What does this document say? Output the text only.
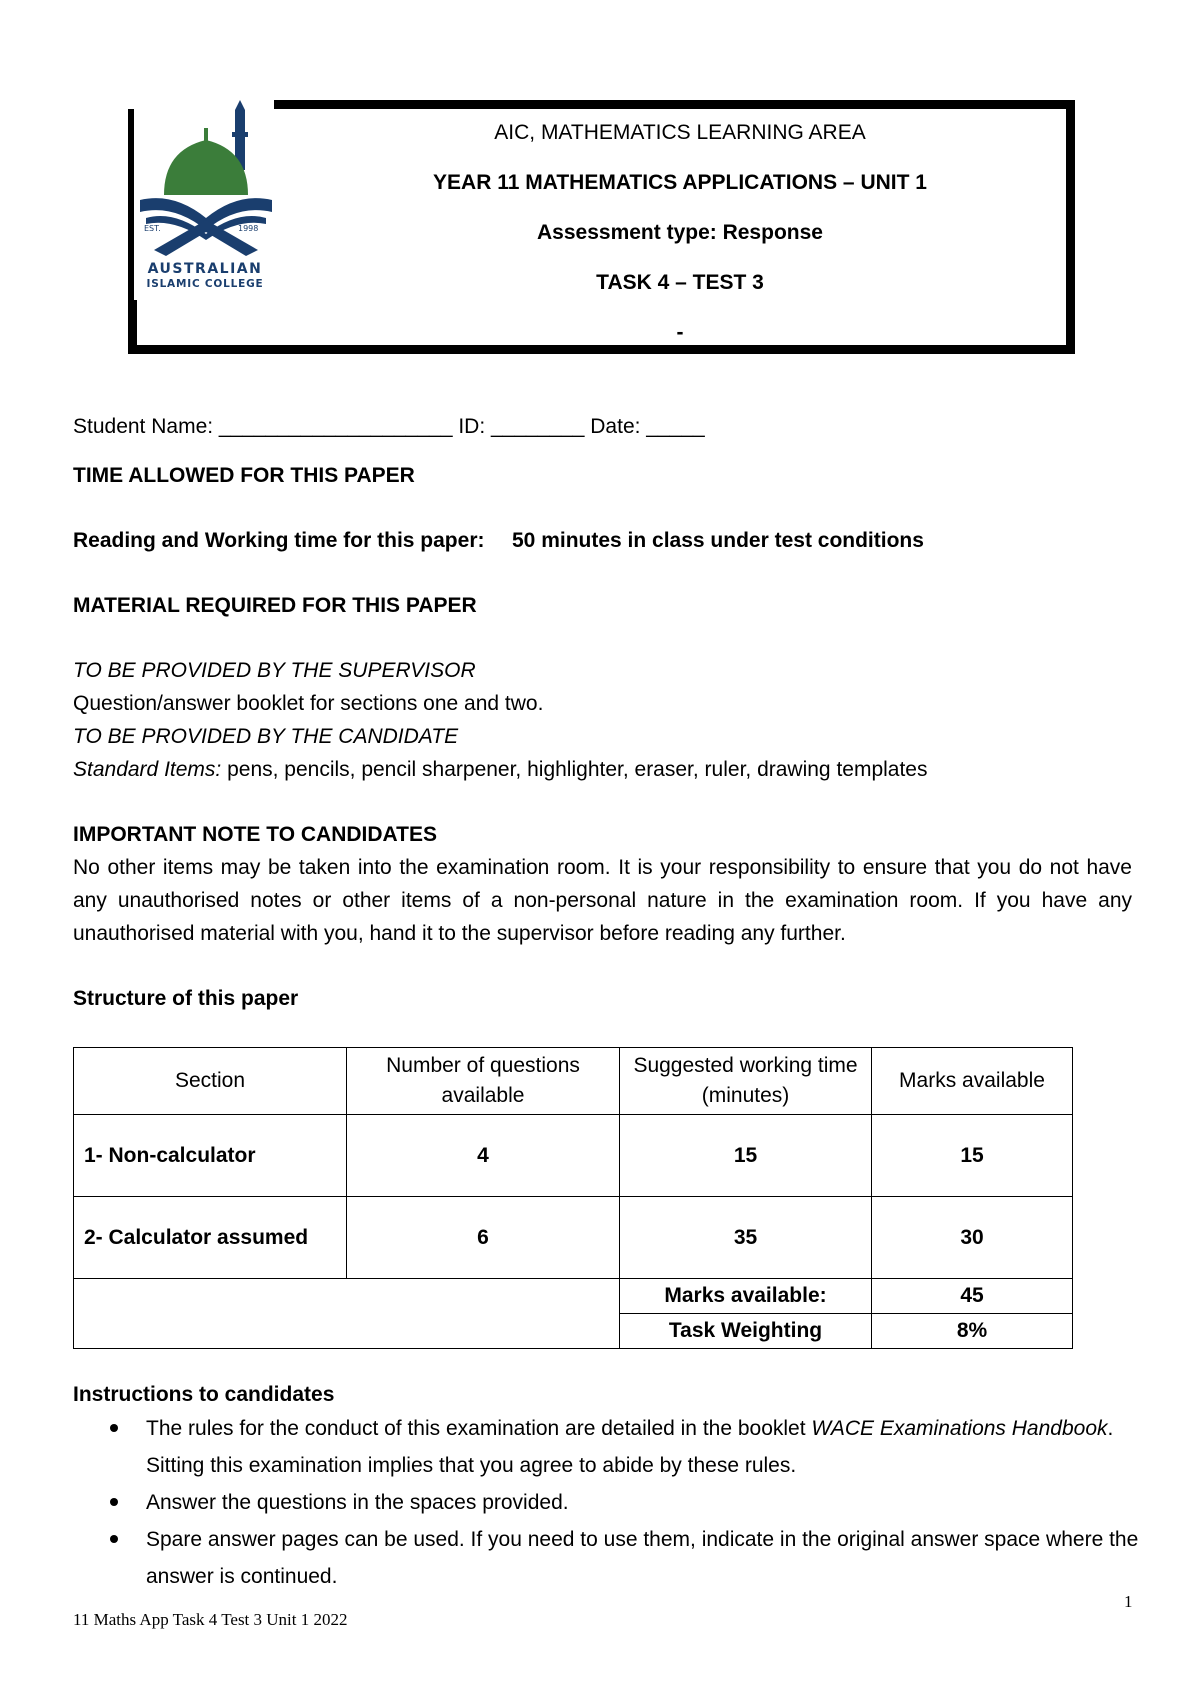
EST.	1998
AUSTRALIAN
ISLAMIC COLLEGE
AIC, MATHEMATICS LEARNING AREA
YEAR 11 MATHEMATICS APPLICATIONS – UNIT 1
Assessment type: Response
TASK 4 – TEST 3
-
Student Name: ____________________ ID: ________ Date: _____
TIME ALLOWED FOR THIS PAPER
Reading and Working time for this paper: 50 minutes in class under test conditions
MATERIAL REQUIRED FOR THIS PAPER
TO BE PROVIDED BY THE SUPERVISOR
Question/answer booklet for sections one and two.
TO BE PROVIDED BY THE CANDIDATE
Standard Items: pens, pencils, pencil sharpener, highlighter, eraser, ruler, drawing templates
IMPORTANT NOTE TO CANDIDATES
No other items may be taken into the examination room. It is your responsibility to ensure that you do not have any unauthorised notes or other items of a non-personal nature in the examination room. If you have any unauthorised material with you, hand it to the supervisor before reading any further.
Structure of this paper
Section	Number of questions available	Suggested working time (minutes)	Marks available
1- Non-calculator	4	15	15
2- Calculator assumed	6	35	30
		Marks available:	45
		Task Weighting	8%
Instructions to candidates
The rules for the conduct of this examination are detailed in the booklet WACE Examinations Handbook. Sitting this examination implies that you agree to abide by these rules.
Answer the questions in the spaces provided.
Spare answer pages can be used. If you need to use them, indicate in the original answer space where the answer is continued.
1
11 Maths App Task 4 Test 3 Unit 1 2022
